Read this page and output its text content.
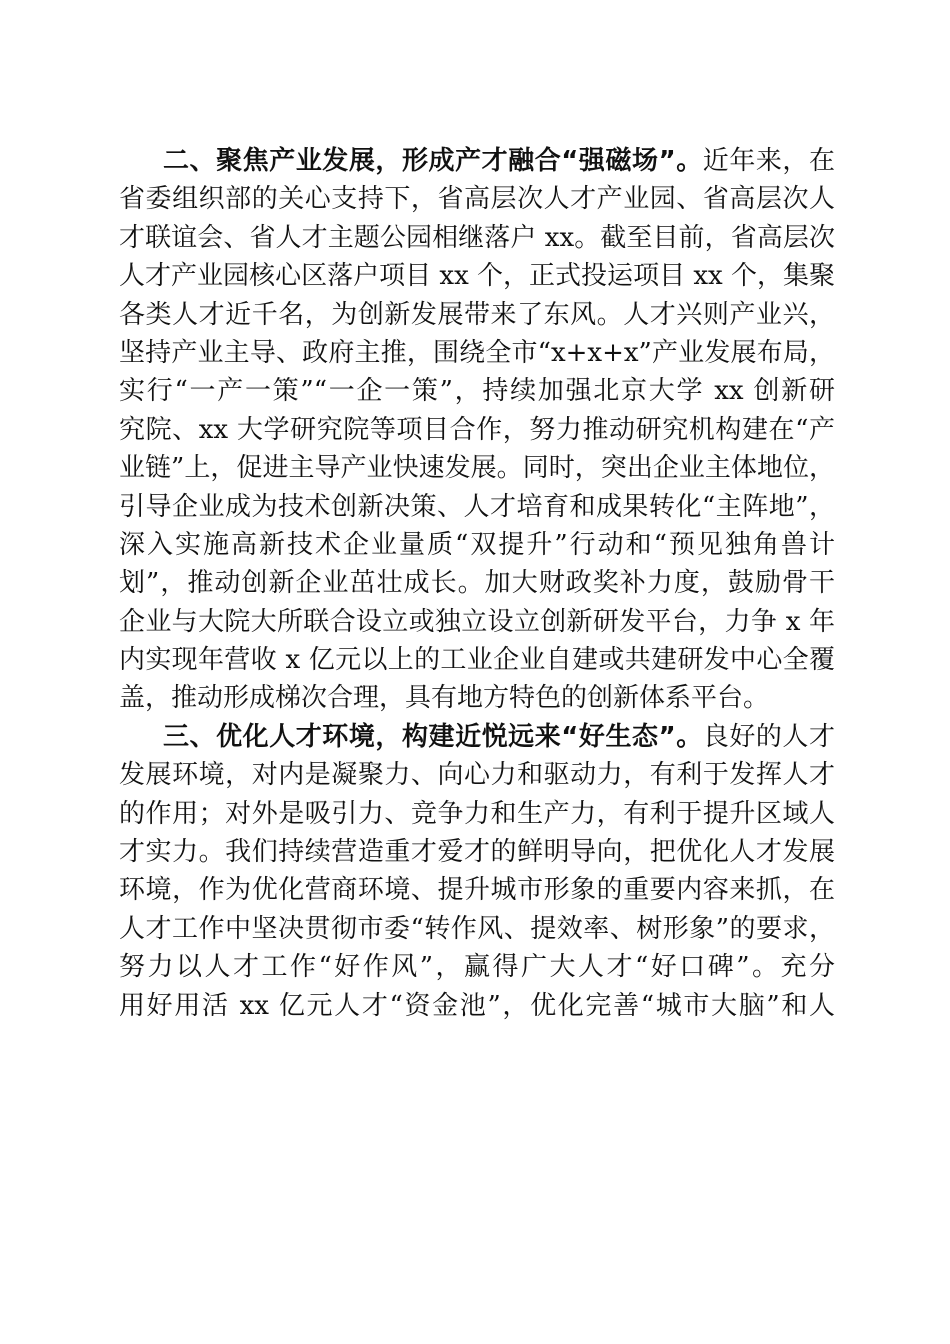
二、聚焦产业发展，形成产才融合“强磁场”。近年来，在
省委组织部的关心支持下，省高层次人才产业园、省高层次人
才联谊会、省人才主题公园相继落户 xx。截至目前，省高层次
人才产业园核心区落户项目 xx 个，正式投运项目 xx 个，集聚
各类人才近千名，为创新发展带来了东风。人才兴则产业兴，
坚持产业主导、政府主推，围绕全市“x+x+x”产业发展布局，
实行“一产一策”“一企一策”，持续加强北京大学 xx 创新研
究院、xx 大学研究院等项目合作，努力推动研究机构建在“产
业链”上，促进主导产业快速发展。同时，突出企业主体地位，
引导企业成为技术创新决策、人才培育和成果转化“主阵地”，
深入实施高新技术企业量质“双提升”行动和“预见独角兽计
划”，推动创新企业茁壮成长。加大财政奖补力度，鼓励骨干
企业与大院大所联合设立或独立设立创新研发平台，力争 x 年
内实现年营收 x 亿元以上的工业企业自建或共建研发中心全覆
盖，推动形成梯次合理，具有地方特色的创新体系平台。
三、优化人才环境，构建近悦远来“好生态”。良好的人才
发展环境，对内是凝聚力、向心力和驱动力，有利于发挥人才
的作用；对外是吸引力、竞争力和生产力，有利于提升区域人
才实力。我们持续营造重才爱才的鲜明导向，把优化人才发展
环境，作为优化营商环境、提升城市形象的重要内容来抓，在
人才工作中坚决贯彻市委“转作风、提效率、树形象”的要求，
努力以人才工作“好作风”，赢得广大人才“好口碑”。充分
用好用活 xx 亿元人才“资金池”，优化完善“城市大脑”和人
